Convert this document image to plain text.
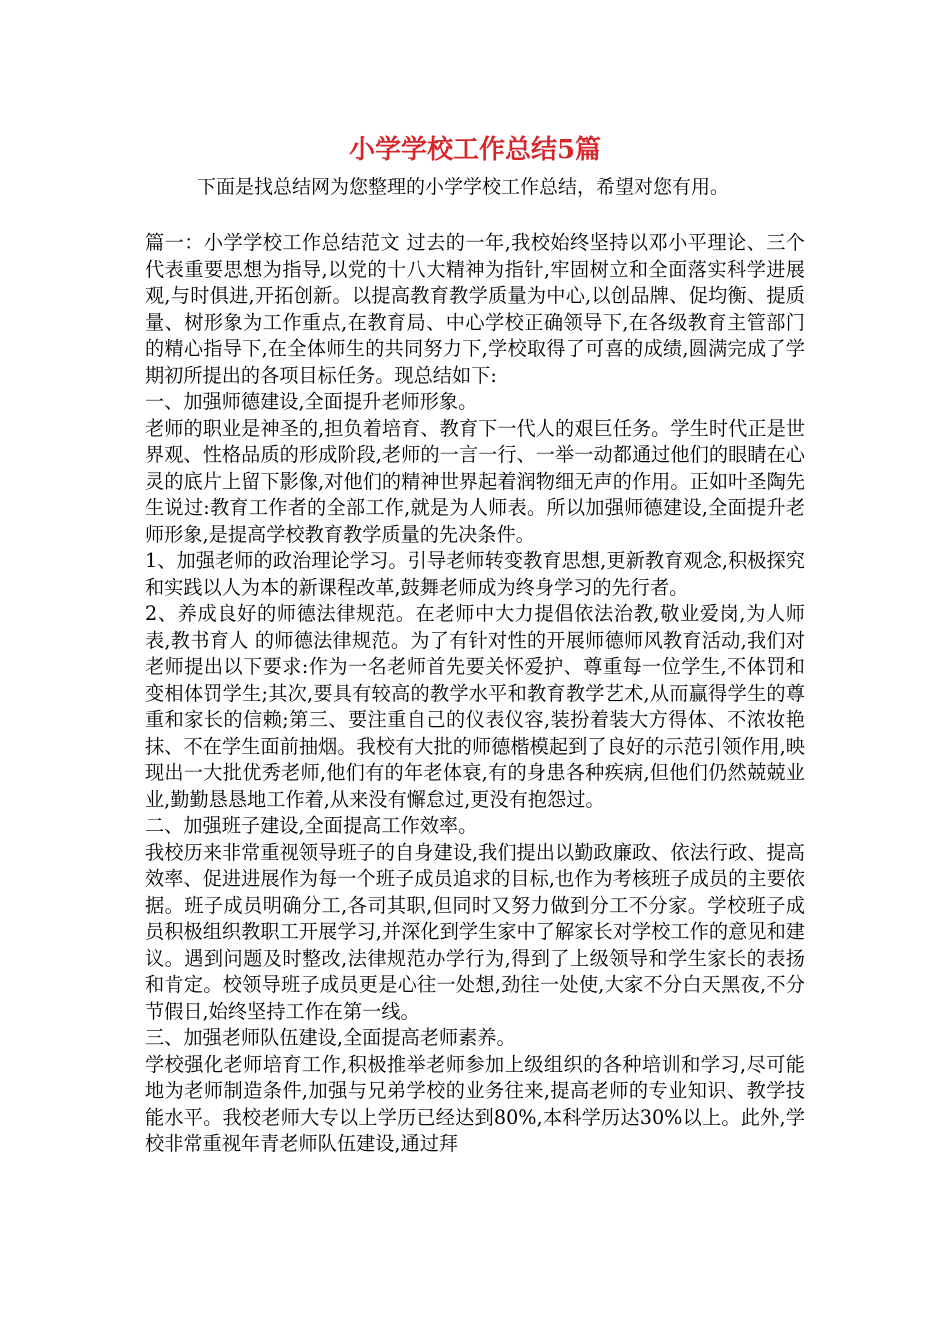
小学学校工作总结5篇

下面是找总结网为您整理的小学学校工作总结，希望对您有用。

篇一：小学学校工作总结范文 过去的一年,我校始终坚持以邓小平理论、三个代表重要思想为指导,以党的十八大精神为指针,牢固树立和全面落实科学进展观,与时俱进,开拓创新。以提高教育教学质量为中心,以创品牌、促均衡、提质量、树形象为工作重点,在教育局、中心学校正确领导下,在各级教育主管部门的精心指导下,在全体师生的共同努力下,学校取得了可喜的成绩,圆满完成了学期初所提出的各项目标任务。现总结如下:

一、加强师德建设,全面提升老师形象。

老师的职业是神圣的,担负着培育、教育下一代人的艰巨任务。学生时代正是世界观、性格品质的形成阶段,老师的一言一行、一举一动都通过他们的眼睛在心灵的底片上留下影像,对他们的精神世界起着润物细无声的作用。正如叶圣陶先生说过:教育工作者的全部工作,就是为人师表。所以加强师德建设,全面提升老师形象,是提高学校教育教学质量的先决条件。

1、加强老师的政治理论学习。引导老师转变教育思想,更新教育观念,积极探究和实践以人为本的新课程改革,鼓舞老师成为终身学习的先行者。

2、养成良好的师德法律规范。在老师中大力提倡依法治教,敬业爱岗,为人师表,教书育人 的师德法律规范。为了有针对性的开展师德师风教育活动,我们对老师提出以下要求:作为一名老师首先要关怀爱护、尊重每一位学生,不体罚和变相体罚学生;其次,要具有较高的教学水平和教育教学艺术,从而赢得学生的尊重和家长的信赖;第三、要注重自己的仪表仪容,装扮着装大方得体、不浓妆艳抹、不在学生面前抽烟。我校有大批的师德楷模起到了良好的示范引领作用,映现出一大批优秀老师,他们有的年老体衰,有的身患各种疾病,但他们仍然兢兢业业,勤勤恳恳地工作着,从来没有懈怠过,更没有抱怨过。

二、加强班子建设,全面提高工作效率。

我校历来非常重视领导班子的自身建设,我们提出以勤政廉政、依法行政、提高效率、促进进展作为每一个班子成员追求的目标,也作为考核班子成员的主要依据。班子成员明确分工,各司其职,但同时又努力做到分工不分家。学校班子成员积极组织教职工开展学习,并深化到学生家中了解家长对学校工作的意见和建议。遇到问题及时整改,法律规范办学行为,得到了上级领导和学生家长的表扬和肯定。校领导班子成员更是心往一处想,劲往一处使,大家不分白天黑夜,不分节假日,始终坚持工作在第一线。

三、加强老师队伍建设,全面提高老师素养。

学校强化老师培育工作,积极推举老师参加上级组织的各种培训和学习,尽可能地为老师制造条件,加强与兄弟学校的业务往来,提高老师的专业知识、教学技能水平。我校老师大专以上学历已经达到80%,本科学历达30%以上。此外,学校非常重视年青老师队伍建设,通过拜
